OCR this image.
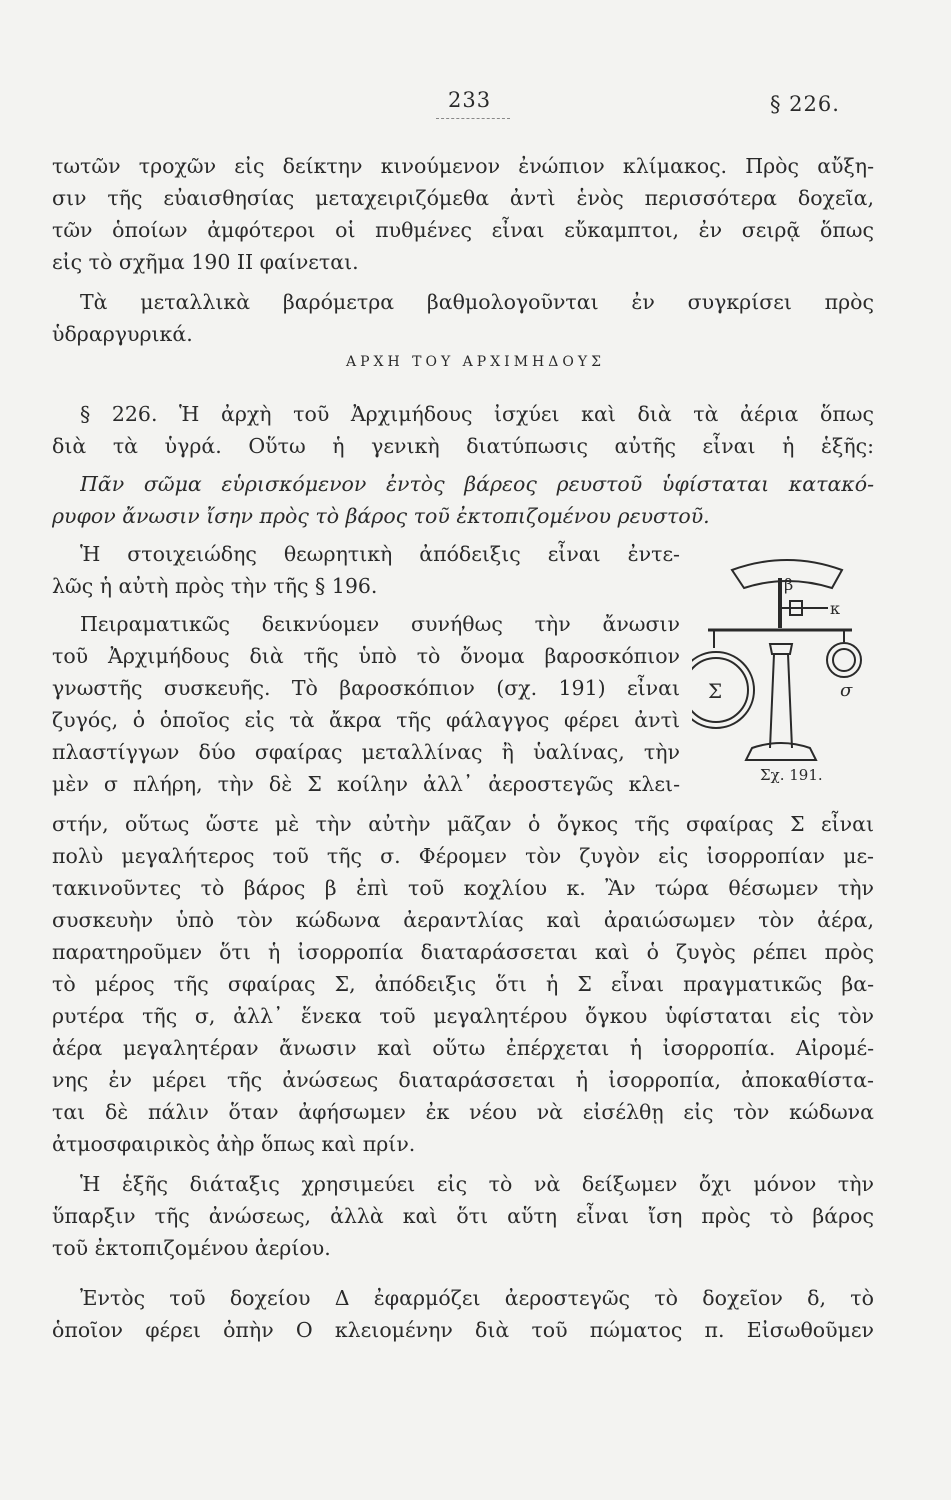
233	§ 226.
τωτῶν τροχῶν εἰς δείκτην κινούμενον ἐνώπιον κλίμακος. Πρὸς αὔξη-
σιν τῆς εὐαισθησίας μεταχειριζόμεθα ἀντὶ ἑνὸς περισσότερα δοχεῖα,
τῶν ὁποίων ἀμφότεροι οἱ πυθμένες εἶναι εὔκαμπτοι, ἐν σειρᾷ ὅπως
εἰς τὸ σχῆμα 190 II φαίνεται.
Τὰ μεταλλικὰ βαρόμετρα βαθμολογοῦνται ἐν συγκρίσει πρὸς
ὑδραργυρικά.
ΑΡΧΗ ΤΟΥ ΑΡΧΙΜΗΔΟΥΣ
§ 226. Ἡ ἀρχὴ τοῦ Ἀρχιμήδους ἰσχύει καὶ διὰ τὰ ἀέρια ὅπως
διὰ τὰ ὑγρά. Οὕτω ἡ γενικὴ διατύπωσις αὐτῆς εἶναι ἡ ἑξῆς:
Πᾶν σῶμα εὑρισκόμενον ἐντὸς βάρεος ρευστοῦ ὑφίσταται κατακό-
ρυφον ἄνωσιν ἴσην πρὸς τὸ βάρος τοῦ ἐκτοπιζομένου ρευστοῦ.
Ἡ στοιχειώδης θεωρητικὴ ἀπόδειξις εἶναι ἐντε-
λῶς ἡ αὐτὴ πρὸς τὴν τῆς § 196.
Πειραματικῶς δεικνύομεν συνήθως τὴν ἄνωσιν
τοῦ Ἀρχιμήδους διὰ τῆς ὑπὸ τὸ ὄνομα βαροσκόπιον
γνωστῆς συσκευῆς. Τὸ βαροσκόπιον (σχ. 191) εἶναι
ζυγός, ὁ ὁποῖος εἰς τὰ ἄκρα τῆς φάλαγγος φέρει ἀντὶ
πλαστίγγων δύο σφαίρας μεταλλίνας ἢ ὑαλίνας, τὴν
μὲν σ πλήρη, τὴν δὲ Σ κοίλην ἀλλ᾽ ἀεροστεγῶς κλει-
στήν, οὕτως ὥστε μὲ τὴν αὐτὴν μᾶζαν ὁ ὄγκος τῆς σφαίρας Σ εἶναι
πολὺ μεγαλήτερος τοῦ τῆς σ. Φέρομεν τὸν ζυγὸν εἰς ἰσορροπίαν με-
τακινοῦντες τὸ βάρος β ἐπὶ τοῦ κοχλίου κ. Ἂν τώρα θέσωμεν τὴν
συσκευὴν ὑπὸ τὸν κώδωνα ἀεραντλίας καὶ ἀραιώσωμεν τὸν ἀέρα,
παρατηροῦμεν ὅτι ἡ ἰσορροπία διαταράσσεται καὶ ὁ ζυγὸς ρέπει πρὸς
τὸ μέρος τῆς σφαίρας Σ, ἀπόδειξις ὅτι ἡ Σ εἶναι πραγματικῶς βα-
ρυτέρα τῆς σ, ἀλλ᾽ ἕνεκα τοῦ μεγαλητέρου ὄγκου ὑφίσταται εἰς τὸν
ἀέρα μεγαλητέραν ἄνωσιν καὶ οὕτω ἐπέρχεται ἡ ἰσορροπία. Αἰρομέ-
νης ἐν μέρει τῆς ἀνώσεως διαταράσσεται ἡ ἰσορροπία, ἀποκαθίστα-
ται δὲ πάλιν ὅταν ἀφήσωμεν ἐκ νέου νὰ εἰσέλθῃ εἰς τὸν κώδωνα
ἀτμοσφαιρικὸς ἀὴρ ὅπως καὶ πρίν.
Ἡ ἑξῆς διάταξις χρησιμεύει εἰς τὸ νὰ δείξωμεν ὄχι μόνον τὴν
ὕπαρξιν τῆς ἀνώσεως, ἀλλὰ καὶ ὅτι αὕτη εἶναι ἴση πρὸς τὸ βάρος
τοῦ ἐκτοπιζομένου ἀερίου.
Ἐντὸς τοῦ δοχείου Δ ἐφαρμόζει ἀεροστεγῶς τὸ δοχεῖον δ, τὸ
ὁποῖον φέρει ὀπὴν Ο κλειομένην διὰ τοῦ πώματος π. Εἰσωθοῦμεν
β
κ
Σ	σ
Σχ. 191.
